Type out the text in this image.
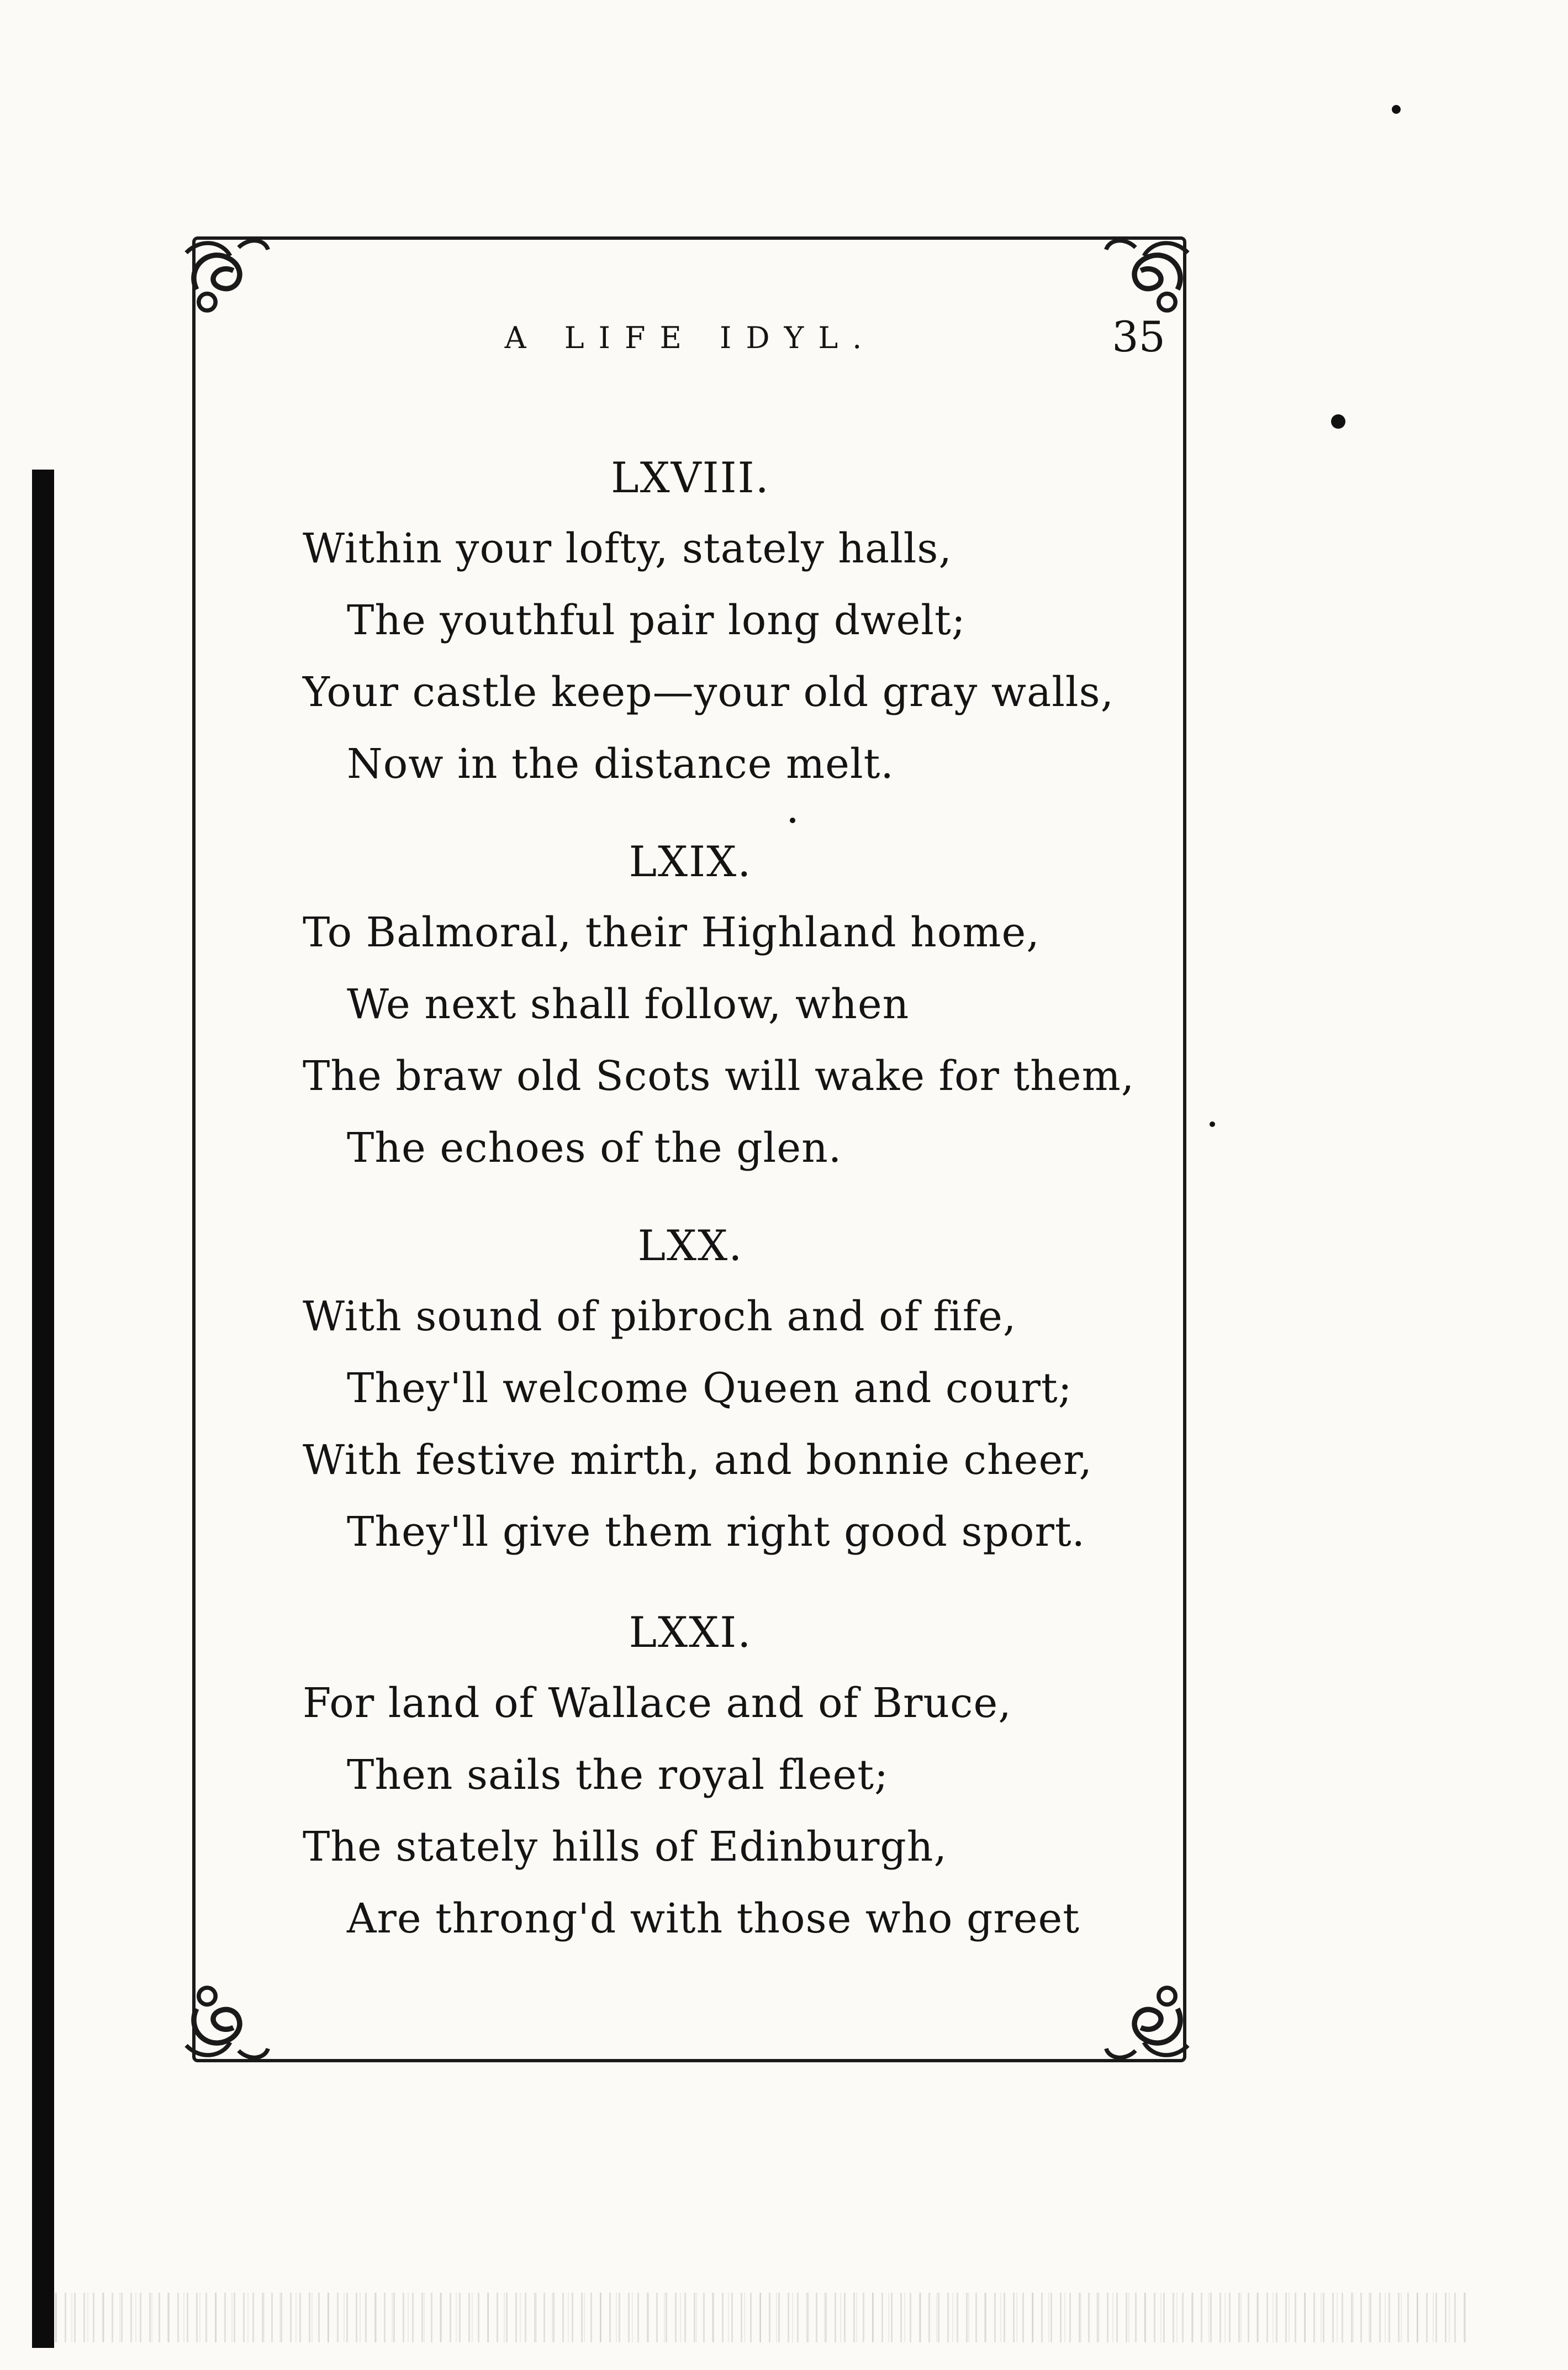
A LIFE IDYL.	35
LXVIII.
Within your lofty, stately halls,
The youthful pair long dwelt;
Your castle keep—your old gray walls,
Now in the distance melt.
LXIX.
To Balmoral, their Highland home,
We next shall follow, when
The braw old Scots will wake for them,
The echoes of the glen.
LXX.
With sound of pibroch and of fife,
They'll welcome Queen and court;
With festive mirth, and bonnie cheer,
They'll give them right good sport.
LXXI.
For land of Wallace and of Bruce,
Then sails the royal fleet;
The stately hills of Edinburgh,
Are throng'd with those who greet
